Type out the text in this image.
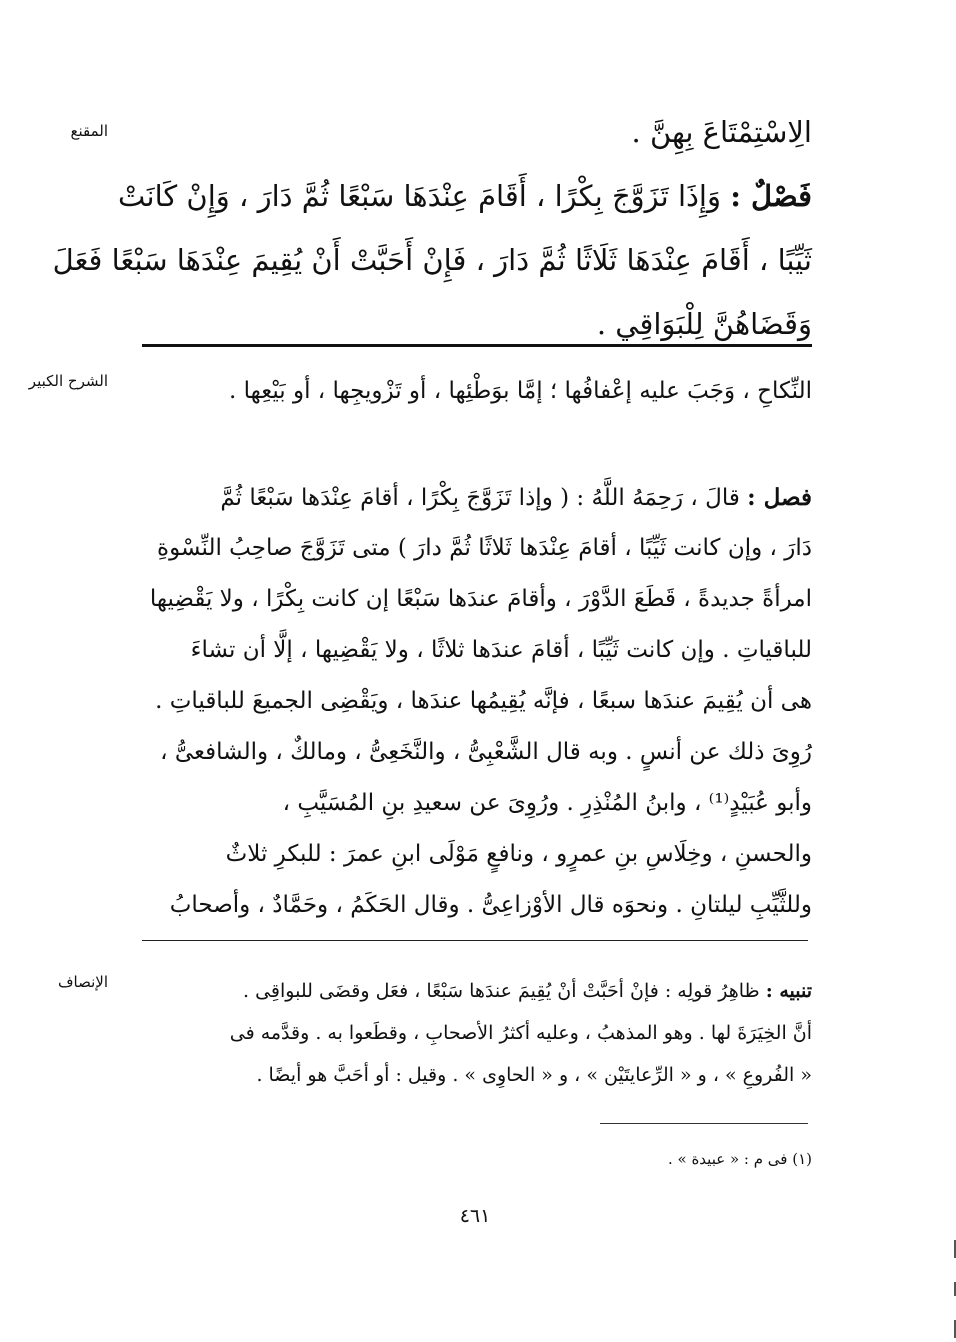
المقنع
الشرح الكبير
الإنصاف
الِاسْتِمْتَاعَ بِهِنَّ .
فَصْلٌ : وَإِذَا تَزَوَّجَ بِكْرًا ، أَقَامَ عِنْدَهَا سَبْعًا ثُمَّ دَارَ ، وَإِنْ كَانَتْ
ثَيِّبًا ، أَقَامَ عِنْدَهَا ثَلَاثًا ثُمَّ دَارَ ، فَإِنْ أَحَبَّتْ أَنْ يُقِيمَ عِنْدَهَا سَبْعًا فَعَلَ
وَقَضَاهُنَّ لِلْبَوَاقِي .
النِّكاحِ ، وَجَبَ عليه إعْفافُها ؛ إمَّا بوَطْئِها ، أو تَزْويجِها ، أو بَيْعِها .
فصل : قالَ ، رَحِمَهُ اللَّهُ : ( وإذا تَزَوَّجَ بِكْرًا ، أقامَ عِنْدَها سَبْعًا ثُمَّ
دَارَ ، وإن كانت ثَيِّبًا ، أقامَ عِنْدَها ثَلاثًا ثُمَّ دارَ ) متى تَزَوَّجَ صاحِبُ النِّسْوةِ
امرأةً جديدةً ، قَطَعَ الدَّوْرَ ، وأقامَ عندَها سَبْعًا إن كانت بِكْرًا ، ولا يَقْضِيها
للباقياتِ . وإن كانت ثَيِّبًا ، أقامَ عندَها ثلاثًا ، ولا يَقْضِيها ، إلَّا أن تشاءَ
هى أن يُقِيمَ عندَها سبعًا ، فإنَّه يُقِيمُها عندَها ، ويَقْضِى الجميعَ للباقياتِ .
رُوِىَ ذلك عن أنسٍ . وبه قال الشَّعْبِىُّ ، والنَّخَعِىُّ ، ومالكٌ ، والشافعىُّ ،
وأبو عُبَيْدٍ⁽¹⁾ ، وابنُ المُنْذِرِ . ورُوِىَ عن سعيدِ بنِ المُسَيَّبِ ،
والحسنِ ، وخِلَاسِ بنِ عمرٍو ، ونافعٍ مَوْلَى ابنِ عمرَ : للبكرِ ثلاثٌ
وللثَّيِّبِ ليلتانِ . ونحوَه قال الأوْزاعِىُّ . وقال الحَكَمُ ، وحَمَّادٌ ، وأصحابُ
تنبيه : ظاهِرُ قولِه : فإنْ أحَبَّتْ أنْ يُقِيمَ عندَها سَبْعًا ، فعَل وقضَى للبواقِى .
أنَّ الخِيَرَةَ لها . وهو المذهبُ ، وعليه أكثرُ الأصحابِ ، وقطَعوا به . وقدَّمه فى
« الفُروعِ » ، و « الرِّعايتَيْن » ، و « الحاوِى » . وقيل : أو أحَبَّ هو أيضًا .
(١) فى م : « عبيدة » .
٤٦١
